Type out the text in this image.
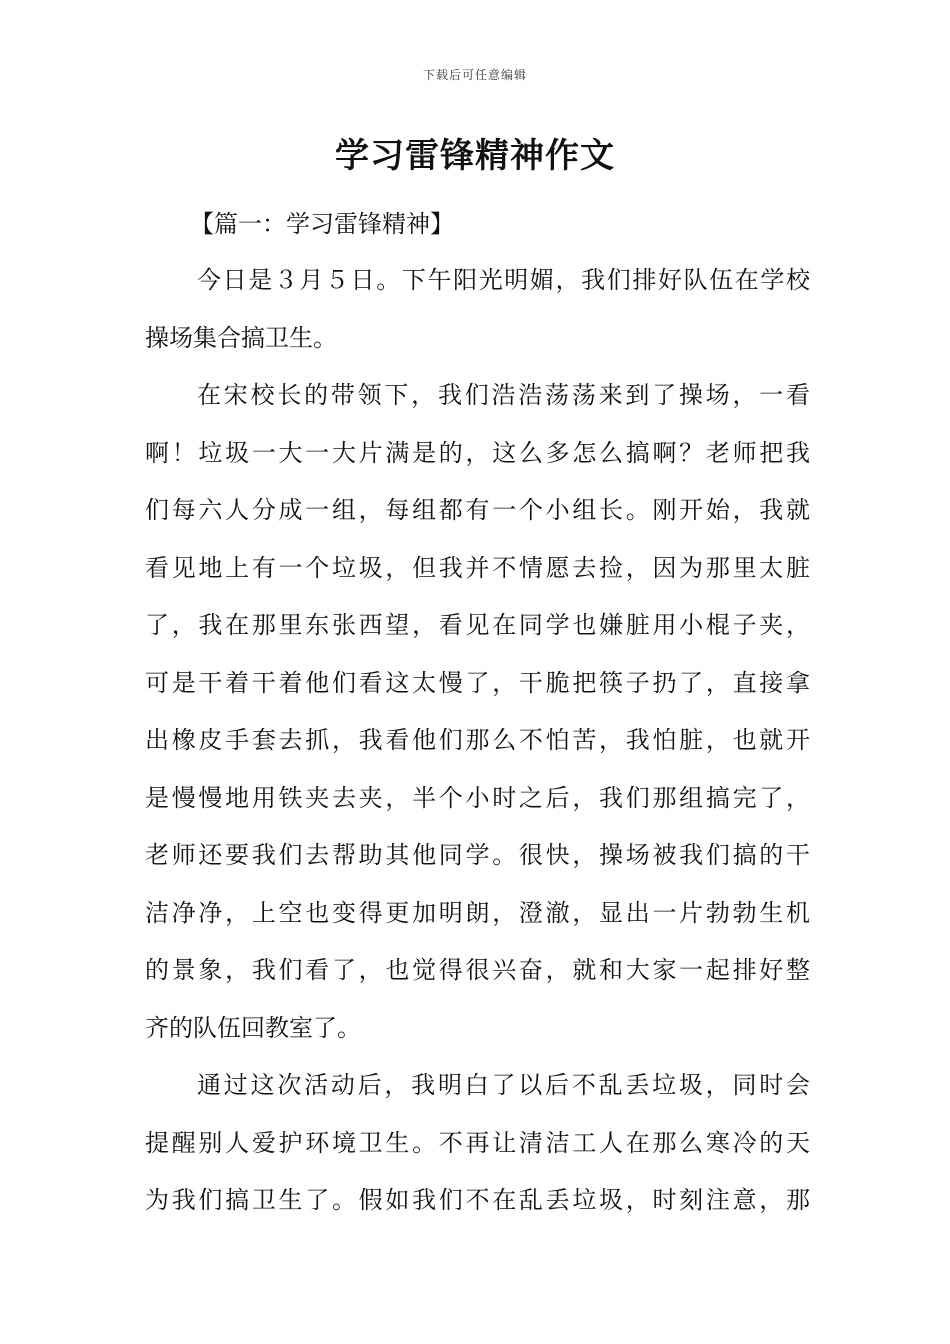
下载后可任意编辑
学习雷锋精神作文

【篇一：学习雷锋精神】

今日是３月５日。下午阳光明媚，我们排好队伍在学校

操场集合搞卫生。

在宋校长的带领下，我们浩浩荡荡来到了操场，一看

啊！垃圾一大一大片满是的，这么多怎么搞啊？老师把我

们每六人分成一组，每组都有一个小组长。刚开始，我就

看见地上有一个垃圾，但我并不情愿去捡，因为那里太脏

了，我在那里东张西望，看见在同学也嫌脏用小棍子夹，

可是干着干着他们看这太慢了，干脆把筷子扔了，直接拿

出橡皮手套去抓，我看他们那么不怕苦，我怕脏，也就开

是慢慢地用铁夹去夹，半个小时之后，我们那组搞完了，

老师还要我们去帮助其他同学。很快，操场被我们搞的干

洁净净，上空也变得更加明朗，澄澈，显出一片勃勃生机

的景象，我们看了，也觉得很兴奋，就和大家一起排好整

齐的队伍回教室了。

通过这次活动后，我明白了以后不乱丢垃圾，同时会

提醒别人爱护环境卫生。不再让清洁工人在那么寒冷的天

为我们搞卫生了。假如我们不在乱丢垃圾，时刻注意，那
